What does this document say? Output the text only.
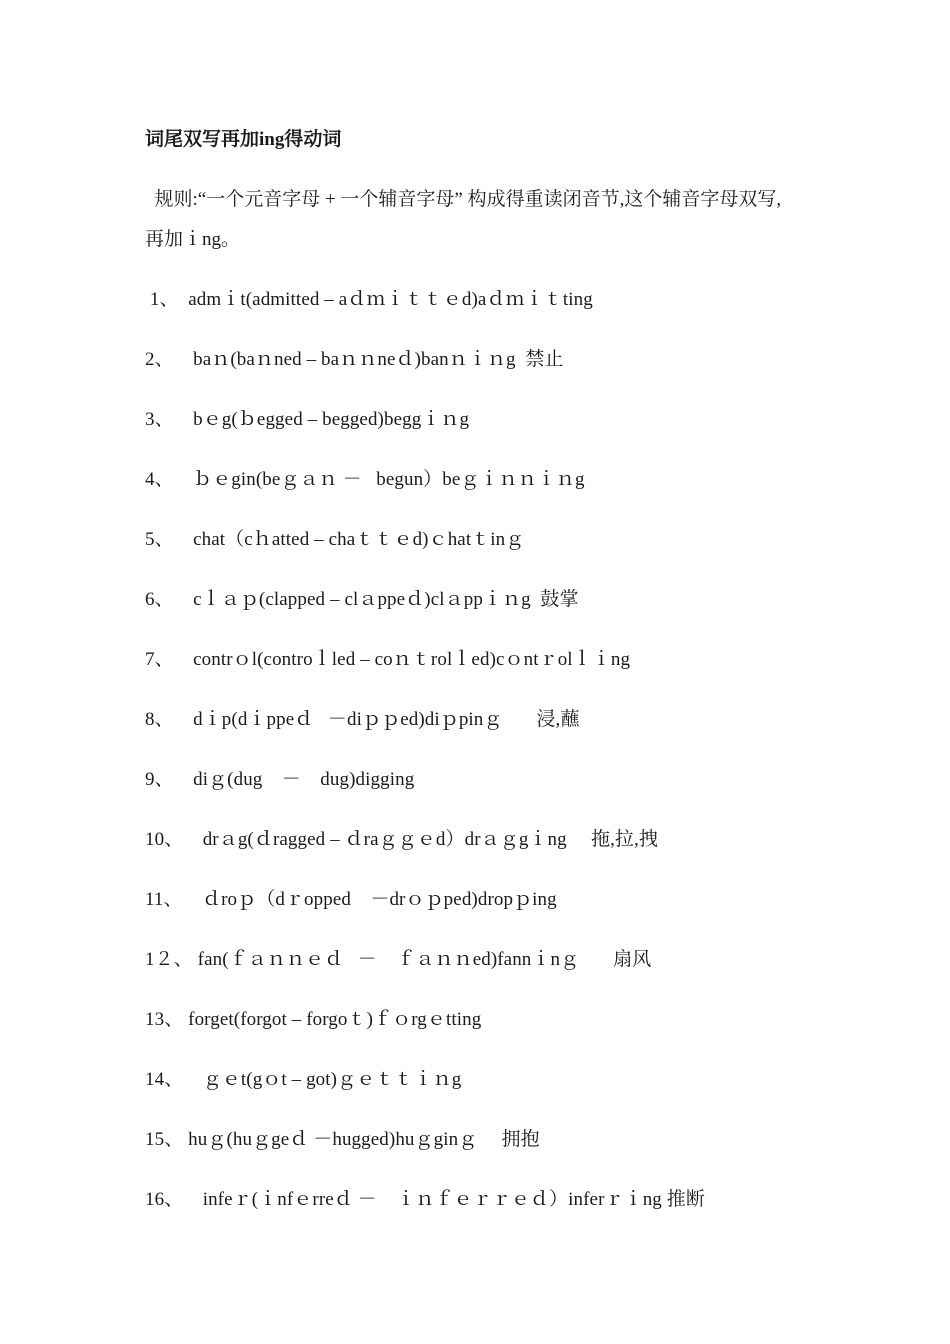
词尾双写再加ing得动词
规则:“一个元音字母 + 一个辅音字母” 构成得重读闭音节,这个辅音字母双写,
再加ｉng。
1、  admｉt(admitted – aｄｍｉｔｔｅd)aｄｍｉｔting
2、    baｎ(baｎned – baｎｎneｄ)banｎｉｎg  禁止
3、    bｅg(ｂegged – begged)beggｉｎg
4、    ｂｅgin(beｇａｎ －   begun）beｇｉｎｎｉｎg
5、    chat（cｈatted – chaｔｔｅd)ｃhatｔinｇ
6、    cｌａｐ(clapped – clａppeｄ)clａppｉｎg  鼓掌
7、    contrｏl(controｌled – coｎｔrolｌed)cｏntｒolｌｉng
8、    dｉp(dｉppeｄ   －diｐｐed)diｐpinｇ       浸,蘸
9、    diｇ(dug    －    dug)digging
10、    drａg(ｄragged – ｄraｇｇｅd）drａｇgｉng     拖,拉,拽
11、    ｄroｐ（dｒopped    －drｏｐped)dropｐing
1２、 fan(ｆａｎｎｅｄ   －    ｆａｎｎed)fannｉnｇ       扇风
13、 forget(forgot – forgoｔ)ｆｏrgｅtting
14、    ｇｅt(gｏt – got)ｇｅｔｔｉｎg
15、 huｇ(huｇgeｄ －hugged)huｇginｇ     拥抱
16、    infeｒ(ｉnfｅrreｄ －    ｉｎｆｅｒｒｅｄ）inferｒｉng 推断
